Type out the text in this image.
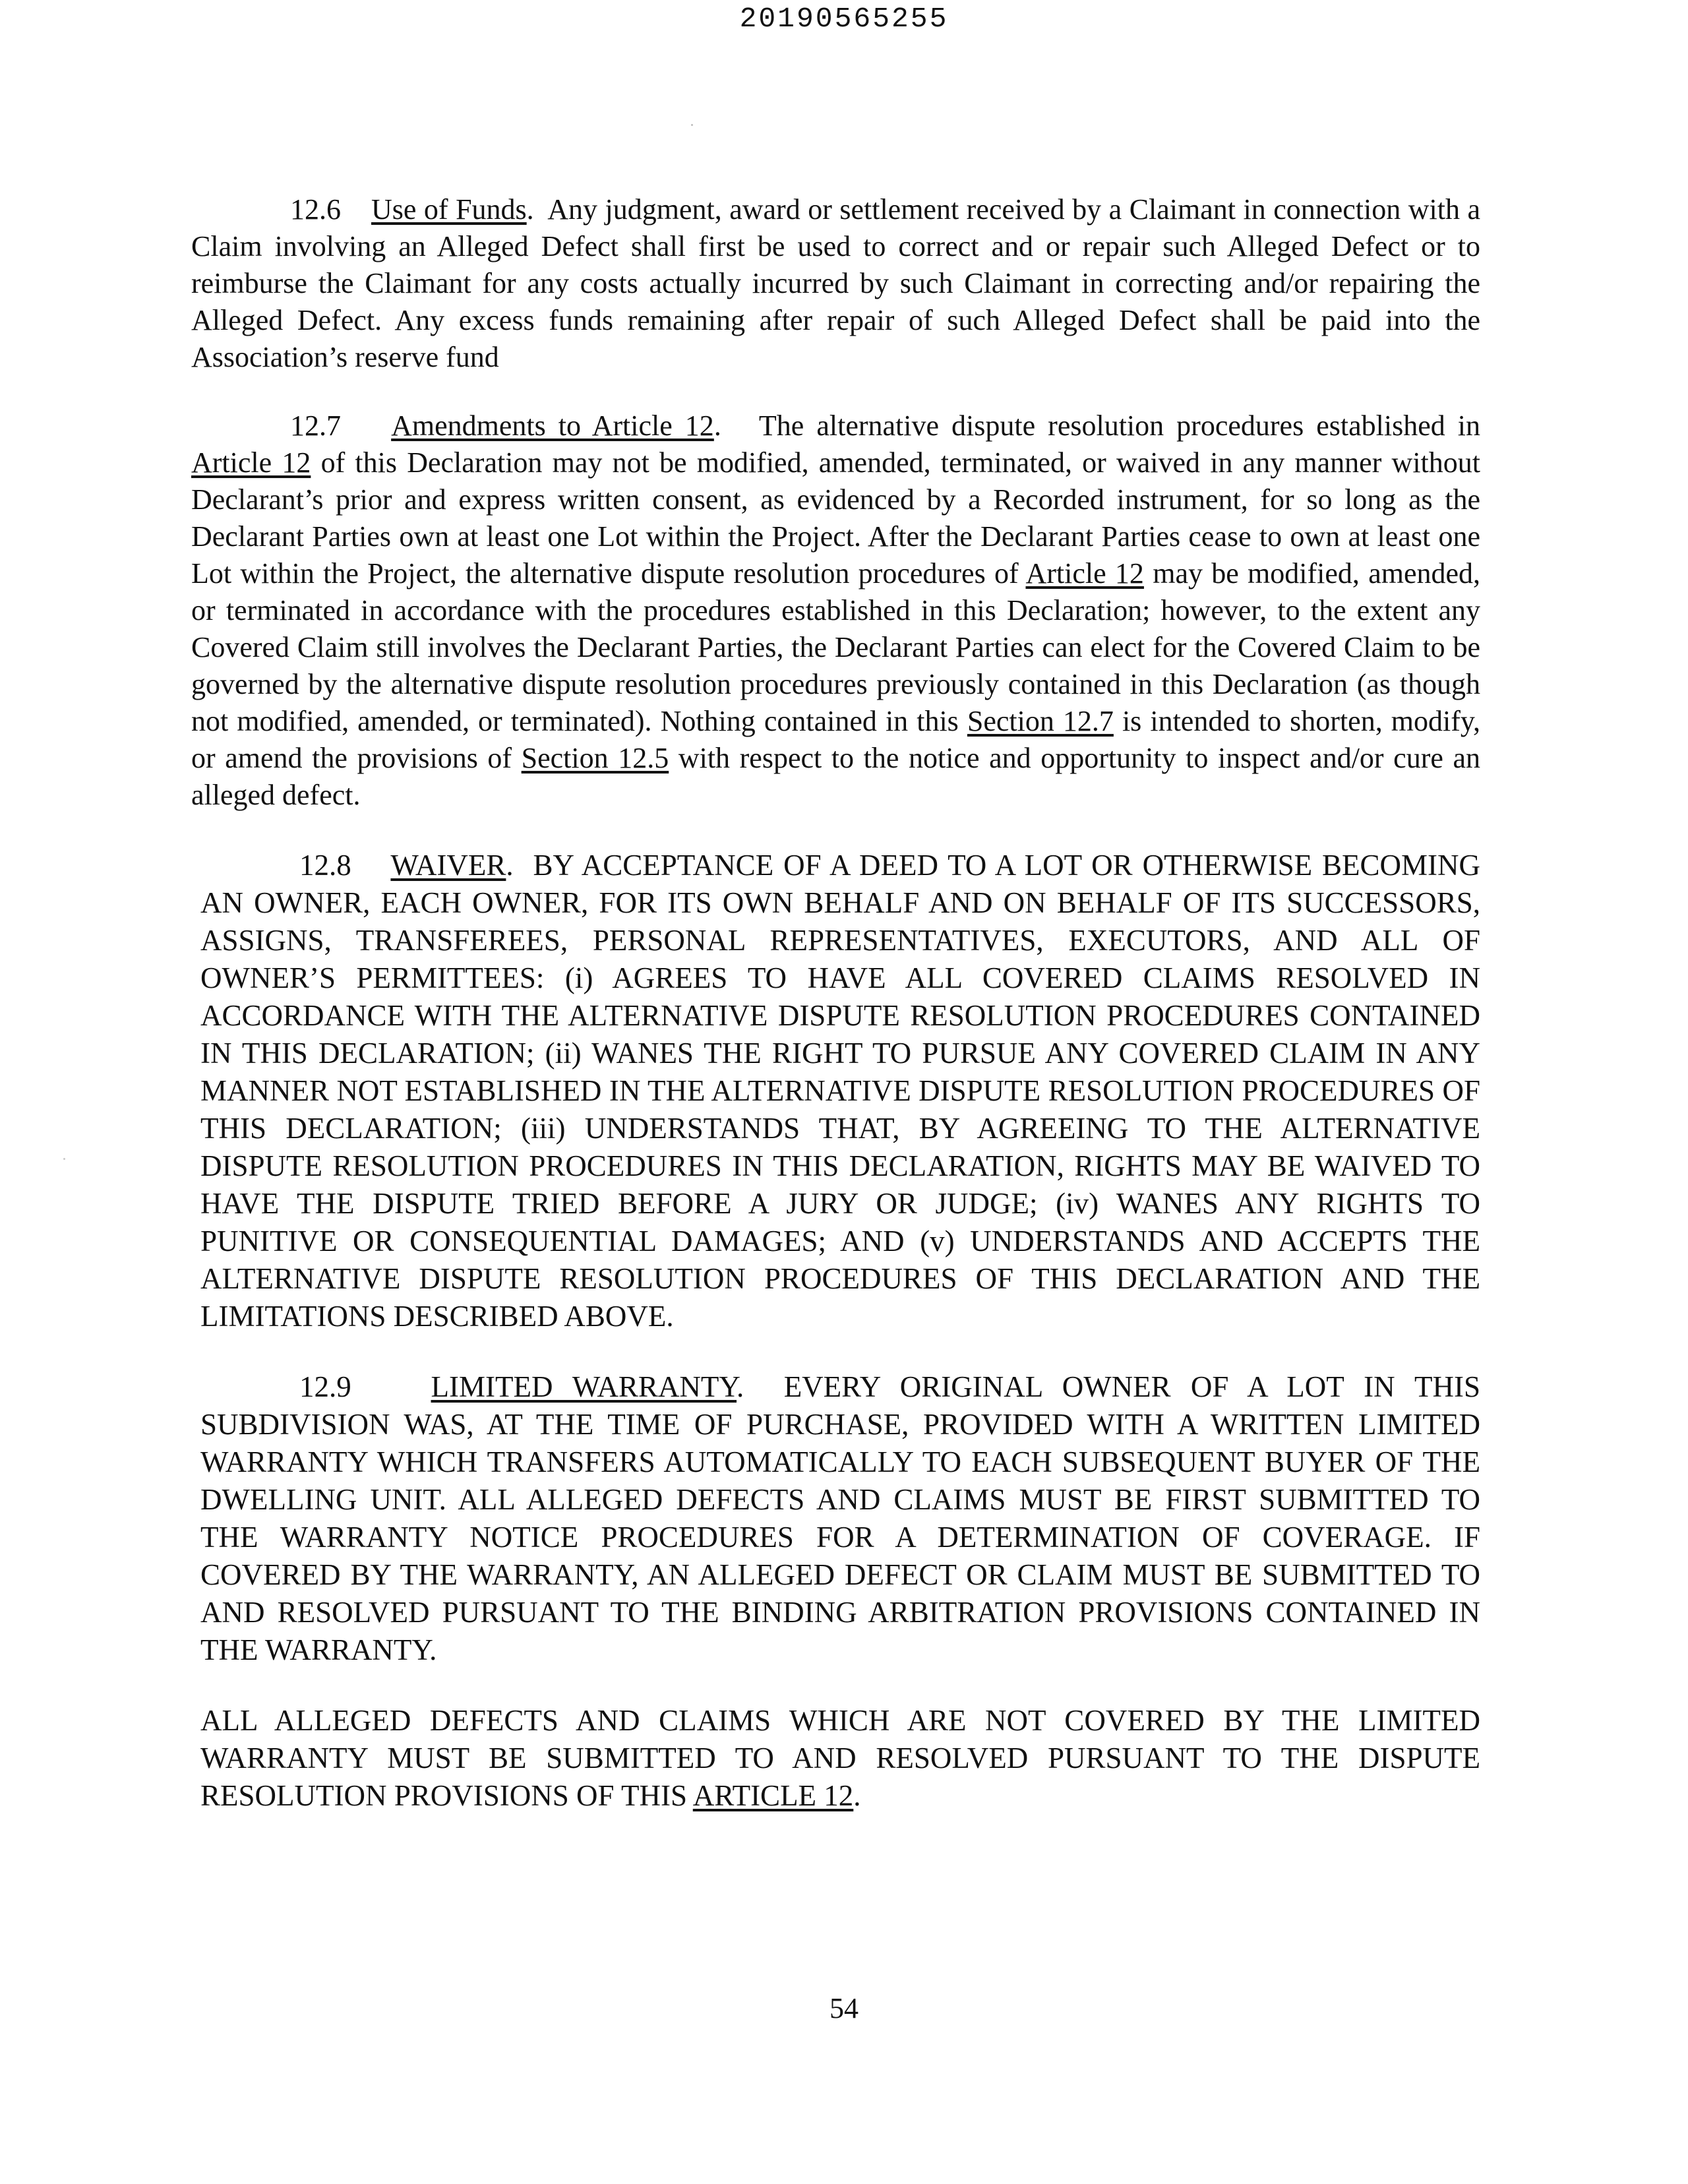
20190565255

12.6 Use of Funds. Any judgment, award or settlement received by a Claimant in connection with a Claim involving an Alleged Defect shall first be used to correct and or repair such Alleged Defect or to reimburse the Claimant for any costs actually incurred by such Claimant in correcting and/or repairing the Alleged Defect. Any excess funds remaining after repair of such Alleged Defect shall be paid into the Association’s reserve fund

12.7 Amendments to Article 12. The alternative dispute resolution procedures established in Article 12 of this Declaration may not be modified, amended, terminated, or waived in any manner without Declarant’s prior and express written consent, as evidenced by a Recorded instrument, for so long as the Declarant Parties own at least one Lot within the Project. After the Declarant Parties cease to own at least one Lot within the Project, the alternative dispute resolution procedures of Article 12 may be modified, amended, or terminated in accordance with the procedures established in this Declaration; however, to the extent any Covered Claim still involves the Declarant Parties, the Declarant Parties can elect for the Covered Claim to be governed by the alternative dispute resolution procedures previously contained in this Declaration (as though not modified, amended, or terminated). Nothing contained in this Section 12.7 is intended to shorten, modify, or amend the provisions of Section 12.5 with respect to the notice and opportunity to inspect and/or cure an alleged defect.

12.8 WAIVER. BY ACCEPTANCE OF A DEED TO A LOT OR OTHERWISE BECOMING AN OWNER, EACH OWNER, FOR ITS OWN BEHALF AND ON BEHALF OF ITS SUCCESSORS, ASSIGNS, TRANSFEREES, PERSONAL REPRESENTATIVES, EXECUTORS, AND ALL OF OWNER’S PERMITTEES: (i) AGREES TO HAVE ALL COVERED CLAIMS RESOLVED IN ACCORDANCE WITH THE ALTERNATIVE DISPUTE RESOLUTION PROCEDURES CONTAINED IN THIS DECLARATION; (ii) WANES THE RIGHT TO PURSUE ANY COVERED CLAIM IN ANY MANNER NOT ESTABLISHED IN THE ALTERNATIVE DISPUTE RESOLUTION PROCEDURES OF THIS DECLARATION; (iii) UNDERSTANDS THAT, BY AGREEING TO THE ALTERNATIVE DISPUTE RESOLUTION PROCEDURES IN THIS DECLARATION, RIGHTS MAY BE WAIVED TO HAVE THE DISPUTE TRIED BEFORE A JURY OR JUDGE; (iv) WANES ANY RIGHTS TO PUNITIVE OR CONSEQUENTIAL DAMAGES; AND (v) UNDERSTANDS AND ACCEPTS THE ALTERNATIVE DISPUTE RESOLUTION PROCEDURES OF THIS DECLARATION AND THE LIMITATIONS DESCRIBED ABOVE.

12.9	LIMITED WARRANTY. EVERY ORIGINAL OWNER OF A LOT IN THIS SUBDIVISION WAS, AT THE TIME OF PURCHASE, PROVIDED WITH A WRITTEN LIMITED WARRANTY WHICH TRANSFERS AUTOMATICALLY TO EACH SUBSEQUENT BUYER OF THE DWELLING UNIT. ALL ALLEGED DEFECTS AND CLAIMS MUST BE FIRST SUBMITTED TO THE WARRANTY NOTICE PROCEDURES FOR A DETERMINATION OF COVERAGE. IF COVERED BY THE WARRANTY, AN ALLEGED DEFECT OR CLAIM MUST BE SUBMITTED TO AND RESOLVED PURSUANT TO THE BINDING ARBITRATION PROVISIONS CONTAINED IN THE WARRANTY.

ALL ALLEGED DEFECTS AND CLAIMS WHICH ARE NOT COVERED BY THE LIMITED WARRANTY MUST BE SUBMITTED TO AND RESOLVED PURSUANT TO THE DISPUTE RESOLUTION PROVISIONS OF THIS ARTICLE 12.

54
